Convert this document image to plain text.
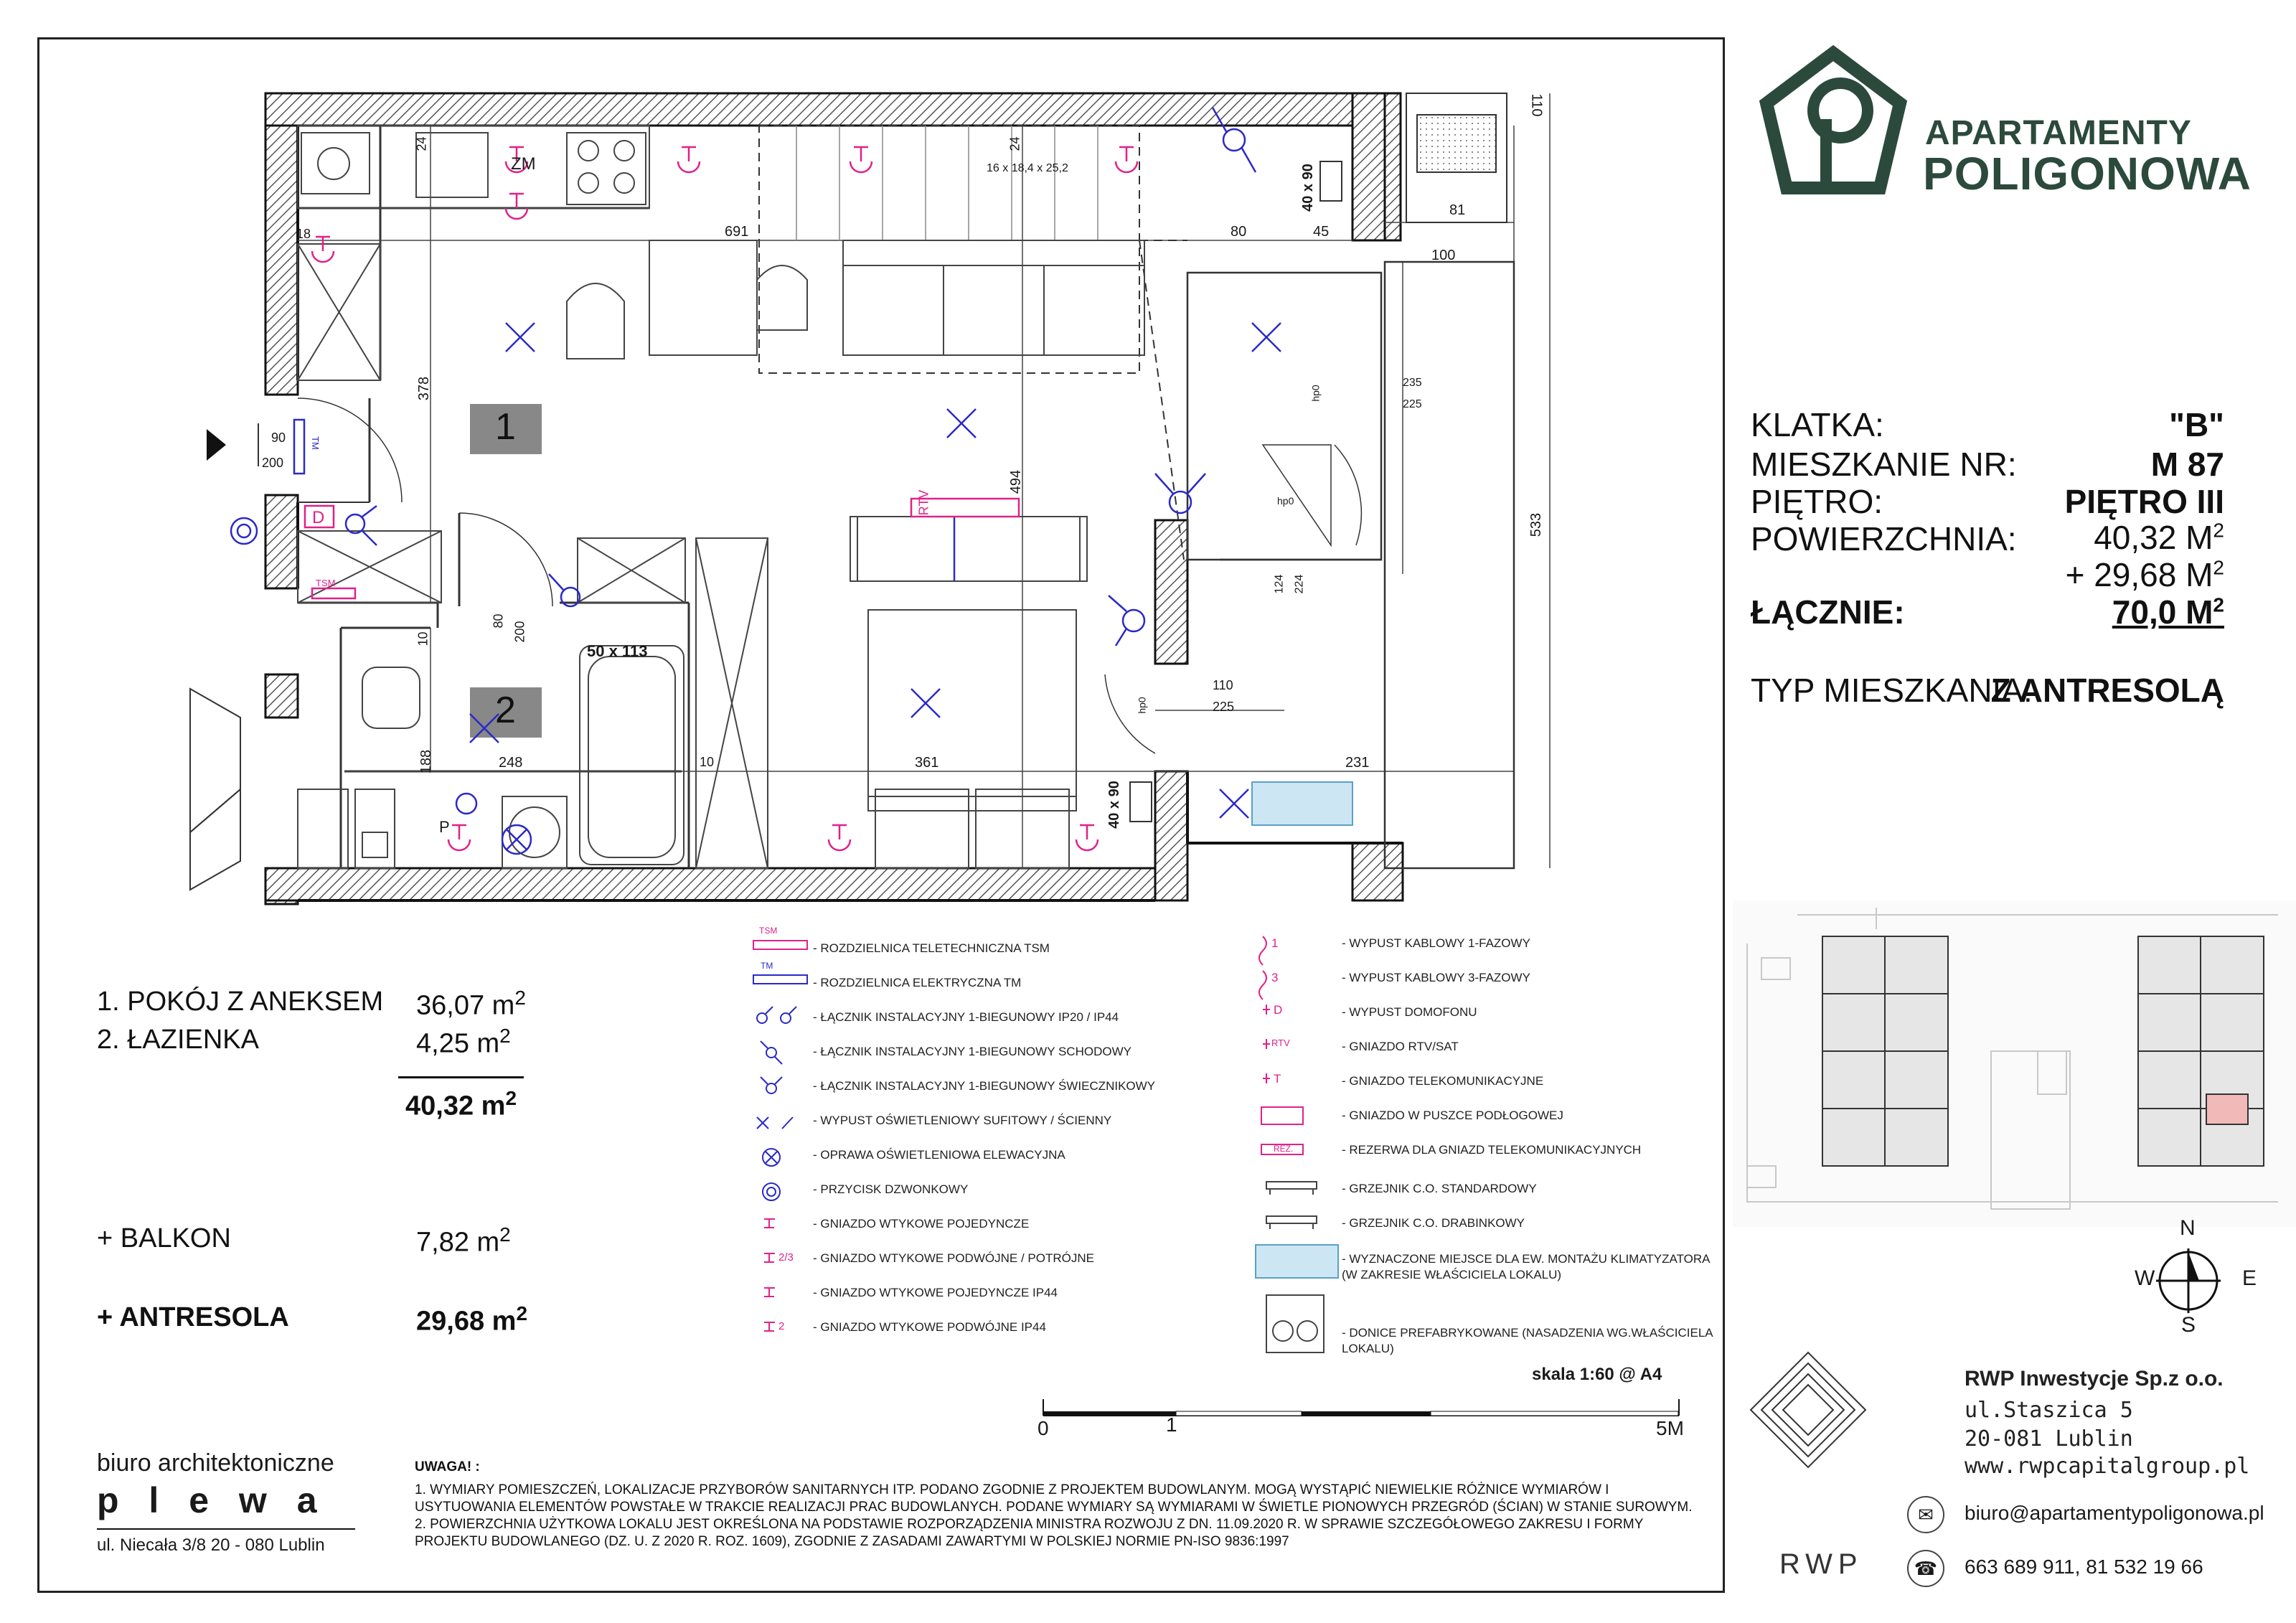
1
2
691	80	45
81
100
110
24	24
18
378
494
533
188	248
10
10	361	231
124 224
235
225
110
225
90
200
80 200
50 x 113
40 x 90
40 x 90
16 x 18,4 x 25,2
ZM
hp0
hp0
hp0
TSM
TM
D
P
RTV
APARTAMENTY
POLIGONOWA
KLATKA:	"B"
MIESZKANIE NR:	M 87
PIĘTRO:	PIĘTRO III
POWIERZCHNIA: 40,32 $M^2$
+ 29,68 $M^2$
ŁĄCZNIE:	70,0 $M^2$
TYP MIESZKANIA:
Z ANTRESOLĄ
N
S
W	E
RWP
RWP Inwestycje Sp.z o.o.
ul.Staszica 5
20-081 Lublin
www.rwpcapitalgroup.pl
✉	biuro@apartamentypoligonowa.pl
☎	663 689 911, 81 532 19 66
1. POKÓJ Z ANEKSEM 36,07 $m^2$
2. ŁAZIENKA	4,25 $m^2$
40,32 $m^2$
+ BALKON	7,82 $m^2$
+ ANTRESOLA	29,68 $m^2$
- ROZDZIELNICA TELETECHNICZNA TSM
- ROZDZIELNICA ELEKTRYCZNA TM
- ŁĄCZNIK INSTALACYJNY 1-BIEGUNOWY IP20 / IP44
- ŁĄCZNIK INSTALACYJNY 1-BIEGUNOWY SCHODOWY
- ŁĄCZNIK INSTALACYJNY 1-BIEGUNOWY ŚWIECZNIKOWY
- WYPUST OŚWIETLENIOWY SUFITOWY / ŚCIENNY
- OPRAWA OŚWIETLENIOWA ELEWACYJNA
- PRZYCISK DZWONKOWY
- GNIAZDO WTYKOWE POJEDYNCZE
- GNIAZDO WTYKOWE PODWÓJNE / POTRÓJNE
- GNIAZDO WTYKOWE POJEDYNCZE IP44
- GNIAZDO WTYKOWE PODWÓJNE IP44
- WYPUST KABLOWY 1-FAZOWY
- WYPUST KABLOWY 3-FAZOWY
- WYPUST DOMOFONU
- GNIAZDO RTV/SAT
- GNIAZDO TELEKOMUNIKACYJNE
- GNIAZDO W PUSZCE PODŁOGOWEJ
- REZERWA DLA GNIAZD TELEKOMUNIKACYJNYCH
- GRZEJNIK C.O. STANDARDOWY
- GRZEJNIK C.O. DRABINKOWY
- WYZNACZONE MIEJSCE DLA EW. MONTAŻU KLIMATYZATORA
(W ZAKRESIE WŁAŚCICIELA LOKALU)
- DONICE PREFABRYKOWANE (NASADZENIA WG.WŁAŚCICIELA
LOKALU)
TSM
TM
2/3
2
1
3
D
RTV
T
REZ.
skala 1:60 @ A4
0	1	5M
biuro architektoniczne
p l e w a
ul. Niecała 3/8 20 - 080 Lublin
UWAGA! :
1. WYMIARY POMIESZCZEŃ, LOKALIZACJE PRZYBORÓW SANITARNYCH ITP. PODANO ZGODNIE Z PROJEKTEM BUDOWLANYM. MOGĄ WYSTĄPIĆ NIEWIELKIE RÓŻNICE WYMIARÓW I
USYTUOWANIA ELEMENTÓW POWSTAŁE W TRAKCIE REALIZACJI PRAC BUDOWLANYCH. PODANE WYMIARY SĄ WYMIARAMI W ŚWIETLE PIONOWYCH PRZEGRÓD (ŚCIAN) W STANIE SUROWYM.
2. POWIERZCHNIA UŻYTKOWA LOKALU JEST OKREŚLONA NA PODSTAWIE ROZPORZĄDZENIA MINISTRA ROZWOJU Z DN. 11.09.2020 R. W SPRAWIE SZCZEGÓŁOWEGO ZAKRESU I FORMY
PROJEKTU BUDOWLANEGO (DZ. U. Z 2020 R. ROZ. 1609), ZGODNIE Z ZASADAMI ZAWARTYMI W POLSKIEJ NORMIE PN-ISO 9836:1997
